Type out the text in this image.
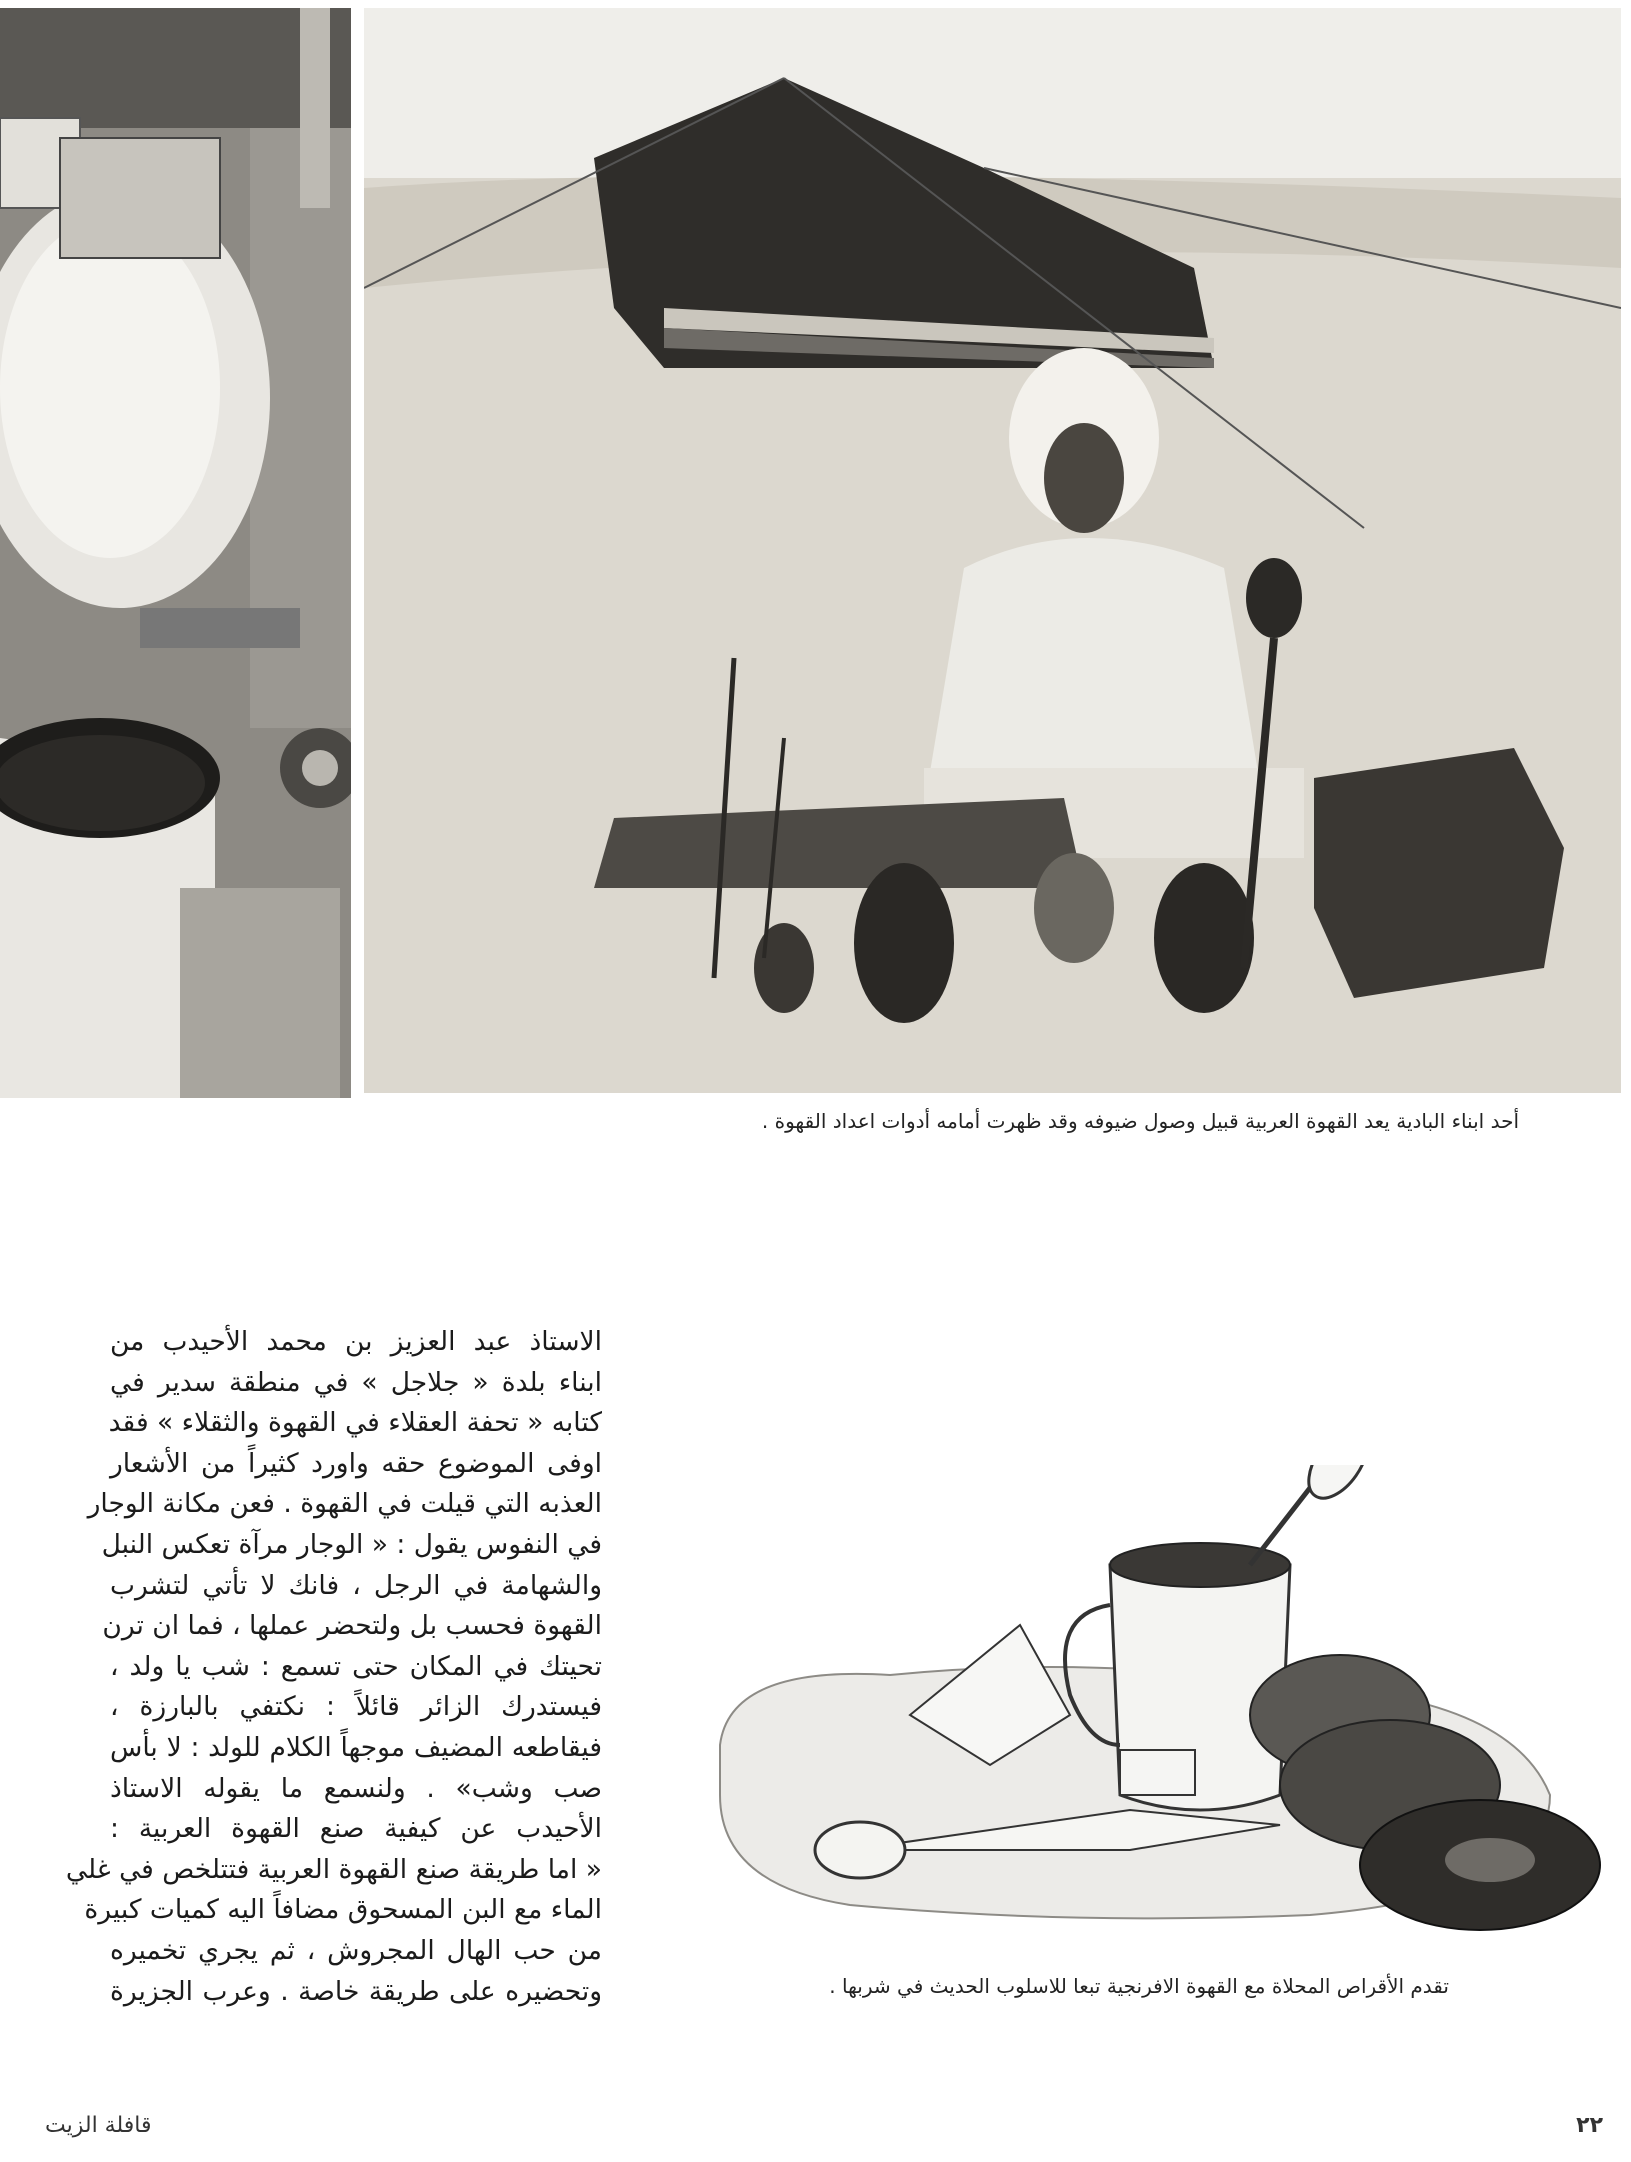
أحد ابناء البادية يعد القهوة العربية قبيل وصول ضيوفه وقد ظهرت أمامه أدوات اعداد القهوة .
الاستاذ عبد العزيز بن محمد الأحيدب من
ابناء بلدة « جلاجل » في منطقة سدير في
كتابه « تحفة العقلاء في القهوة والثقلاء » فقد
اوفى الموضوع حقه واورد كثيراً من الأشعار
العذبه التي قيلت في القهوة . فعن مكانة الوجار
في النفوس يقول : « الوجار مرآة تعكس النبل
والشهامة في الرجل ، فانك لا تأتي لتشرب
القهوة فحسب بل ولتحضر عملها ، فما ان ترن
تحيتك في المكان حتى تسمع : شب يا ولد ،
فيستدرك الزائر قائلاً : نكتفي بالبارزة ،
فيقاطعه المضيف موجهاً الكلام للولد : لا بأس
صب وشب» . ولنسمع ما يقوله الاستاذ
الأحيدب عن كيفية صنع القهوة العربية :
« اما طريقة صنع القهوة العربية فتتلخص في غلي
الماء مع البن المسحوق مضافاً اليه كميات كبيرة
من حب الهال المجروش ، ثم يجري تخميره
وتحضيره على طريقة خاصة . وعرب الجزيرة	تقدم الأقراص المحلاة مع القهوة الافرنجية تبعا للاسلوب الحديث في شربها .
قافلة الزيت	٢٢
